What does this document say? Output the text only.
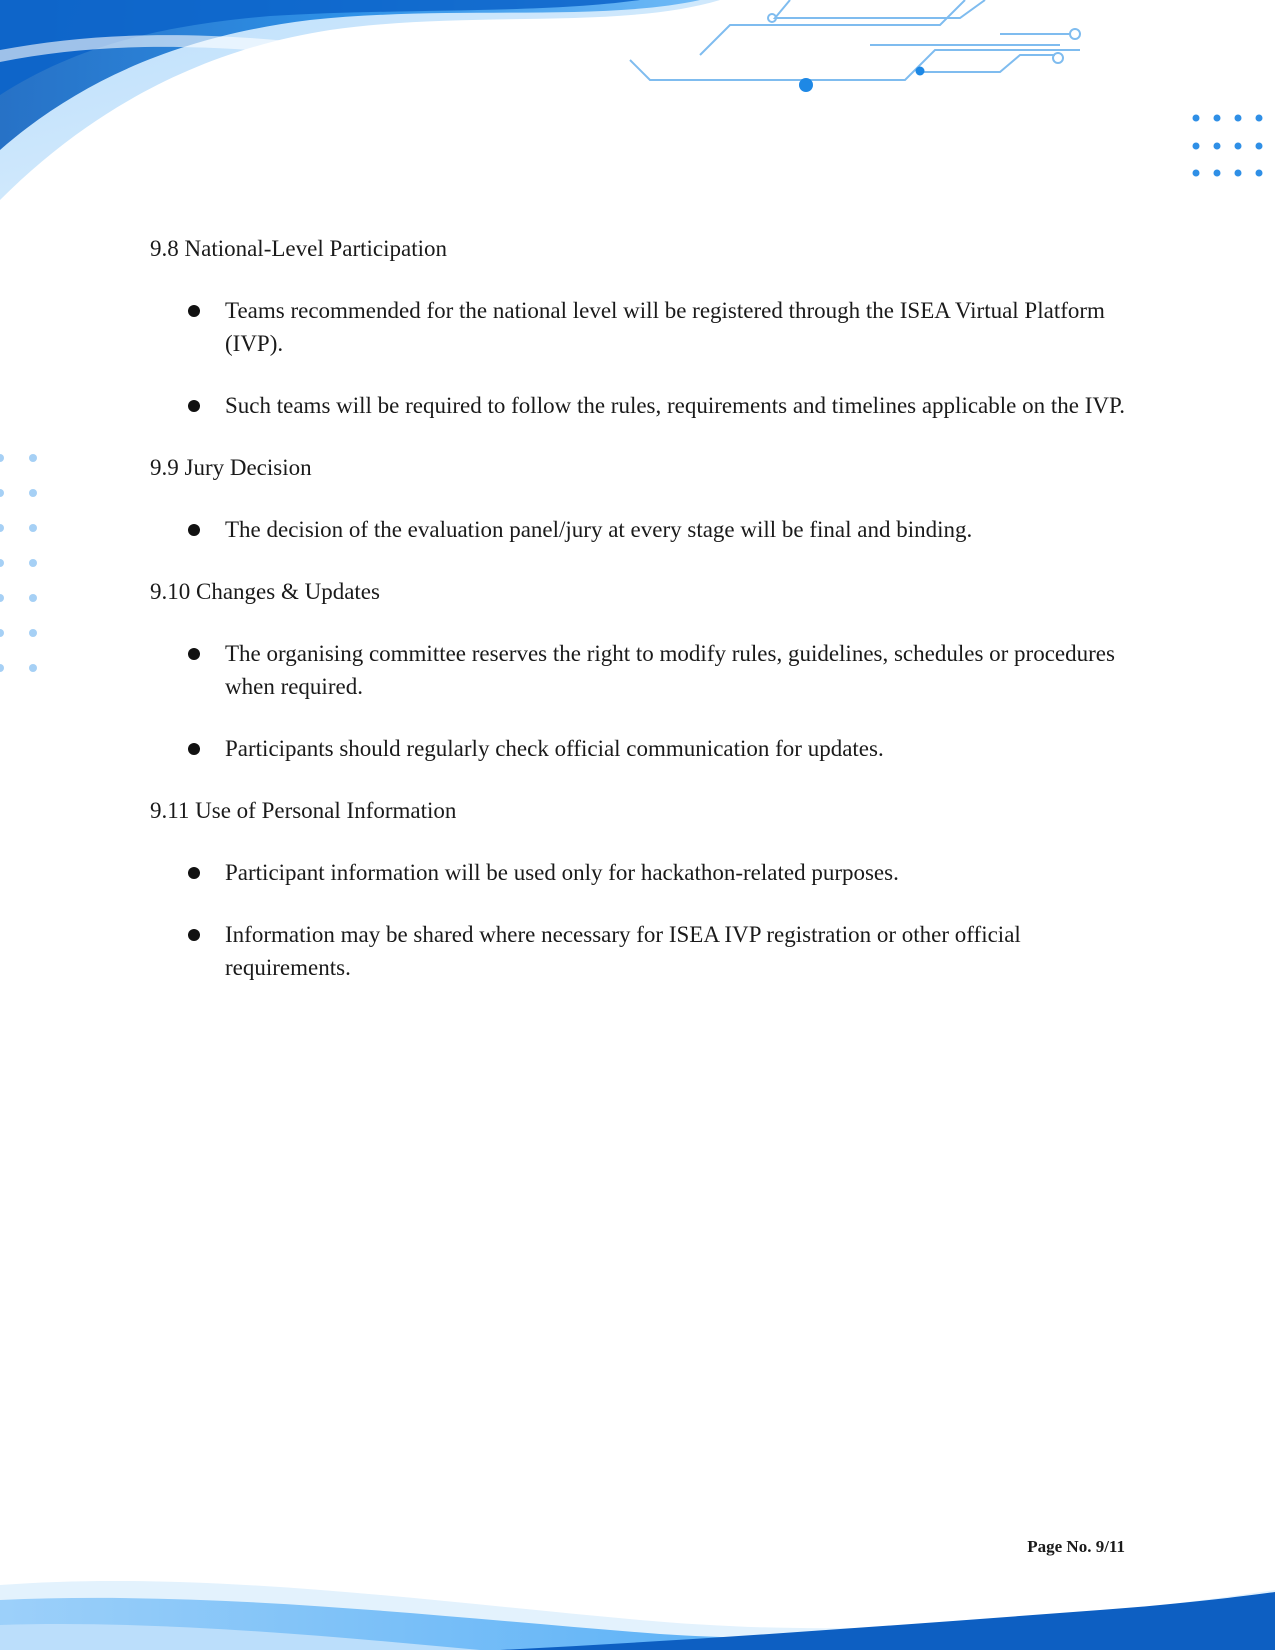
9.8 National-Level Participation
Teams recommended for the national level will be registered through the ISEA Virtual Platform (IVP).
Such teams will be required to follow the rules, requirements and timelines applicable on the IVP.
9.9 Jury Decision
The decision of the evaluation panel/jury at every stage will be final and binding.
9.10 Changes & Updates
The organising committee reserves the right to modify rules, guidelines, schedules or procedures when required.
Participants should regularly check official communication for updates.
9.11 Use of Personal Information
Participant information will be used only for hackathon-related purposes.
Information may be shared where necessary for ISEA IVP registration or other official requirements.
Page No. 9/11
